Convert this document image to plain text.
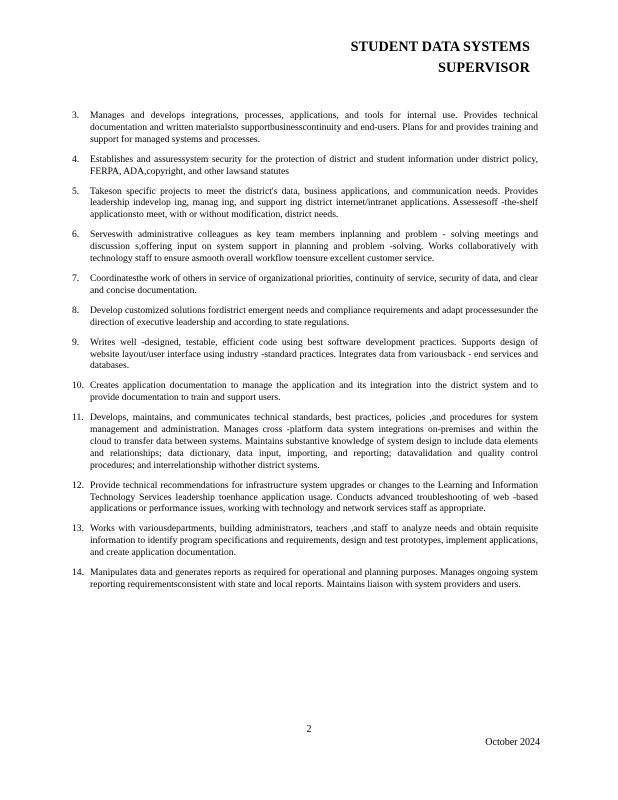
STUDENT DATA SYSTEMS
SUPERVISOR
3.	Manages and develops integrations, processes, applications, and tools for internal use. Provides technical documentation and written materialsto supportbusinesscontinuity and end-users. Plans for and provides training and support for managed systems and processes.
4.	Establishes and assuressystem security for the protection of district and student information under district policy, FERPA, ADA,copyright, and other lawsand statutes
5.	Takeson specific projects to meet the district's data, business applications, and communication needs. Provides leadership indevelop ing, manag ing, and support ing district internet/intranet applications. Assessesoff -the-shelf applicationsto meet, with or without modification, district needs.
6.	Serveswith administrative colleagues as key team members inplanning and problem - solving meetings and discussion s,offering input on system support in planning and problem -solving. Works collaboratively with technology staff to ensure asmooth overall workflow toensure excellent customer service.
7.	Coordinatesthe work of others in service of organizational priorities, continuity of service, security of data, and clear and concise documentation.
8.	Develop customized solutions fordistrict emergent needs and compliance requirements and adapt processesunder the direction of executive leadership and according to state regulations.
9.	Writes well -designed, testable, efficient code using best software development practices. Supports design of website layout/user interface using industry -standard practices. Integrates data from variousback - end services and databases.
10. Creates application documentation to manage the application and its integration into the district system and to provide documentation to train and support users.
11. Develops, maintains, and communicates technical standards, best practices, policies ,and procedures for system management and administration. Manages cross -platform data system integrations on-premises and within the cloud to transfer data between systems. Maintains substantive knowledge of system design to include data elements and relationships; data dictionary, data input, importing, and reporting; datavalidation and quality control procedures; and interrelationship withother district systems.
12. Provide technical recommendations for infrastructure system upgrades or changes to the Learning and Information Technology Services leadership toenhance application usage. Conducts advanced troubleshooting of web -based applications or performance issues, working with technology and network services staff as appropriate.
13. Works with variousdepartments, building administrators, teachers ,and staff to analyze needs and obtain requisite information to identify program specifications and requirements, design and test prototypes, implement applications, and create application documentation.
14. Manipulates data and generates reports as required for operational and planning purposes. Manages ongoing system reporting requirementsconsistent with state and local reports. Maintains liaison with system providers and users.
2
October 2024
